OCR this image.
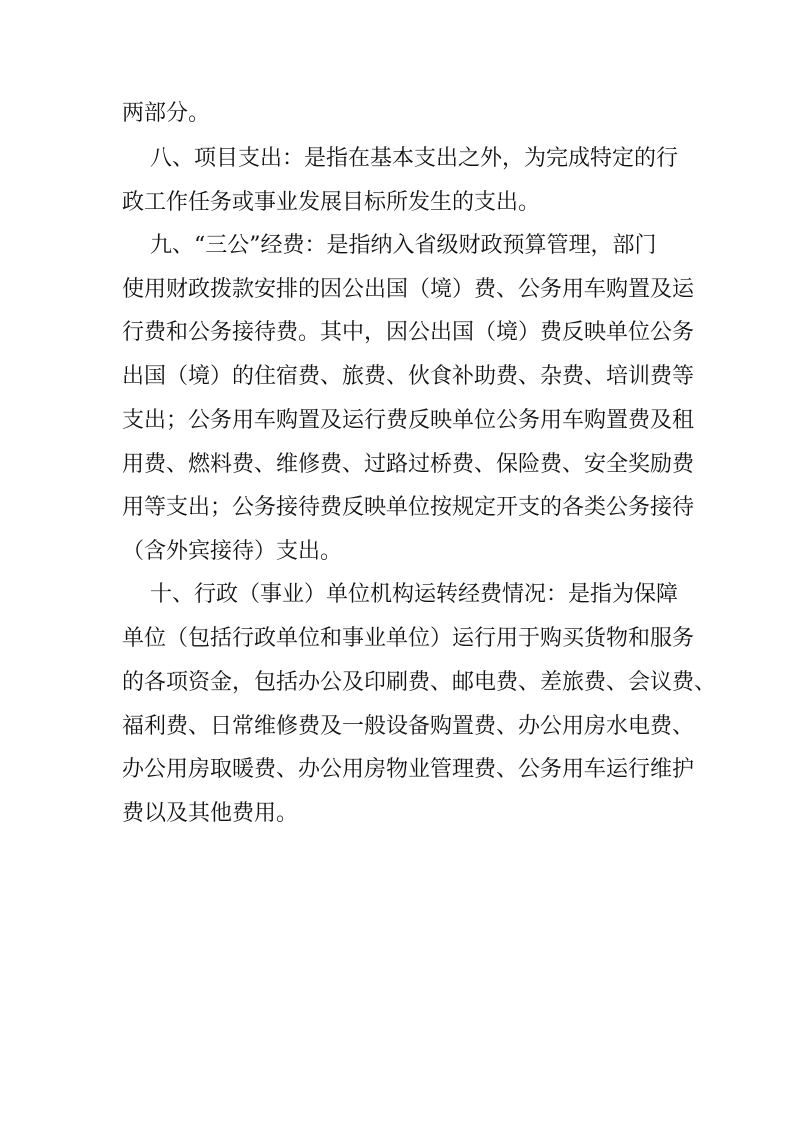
两部分。
八、项目支出：是指在基本支出之外，为完成特定的行
政工作任务或事业发展目标所发生的支出。
九、“三公”经费：是指纳入省级财政预算管理，部门
使用财政拨款安排的因公出国（境）费、公务用车购置及运
行费和公务接待费。其中，因公出国（境）费反映单位公务
出国（境）的住宿费、旅费、伙食补助费、杂费、培训费等
支出；公务用车购置及运行费反映单位公务用车购置费及租
用费、燃料费、维修费、过路过桥费、保险费、安全奖励费
用等支出；公务接待费反映单位按规定开支的各类公务接待
（含外宾接待）支出。
十、行政（事业）单位机构运转经费情况：是指为保障
单位（包括行政单位和事业单位）运行用于购买货物和服务
的各项资金，包括办公及印刷费、邮电费、差旅费、会议费、
福利费、日常维修费及一般设备购置费、办公用房水电费、
办公用房取暖费、办公用房物业管理费、公务用车运行维护
费以及其他费用。
